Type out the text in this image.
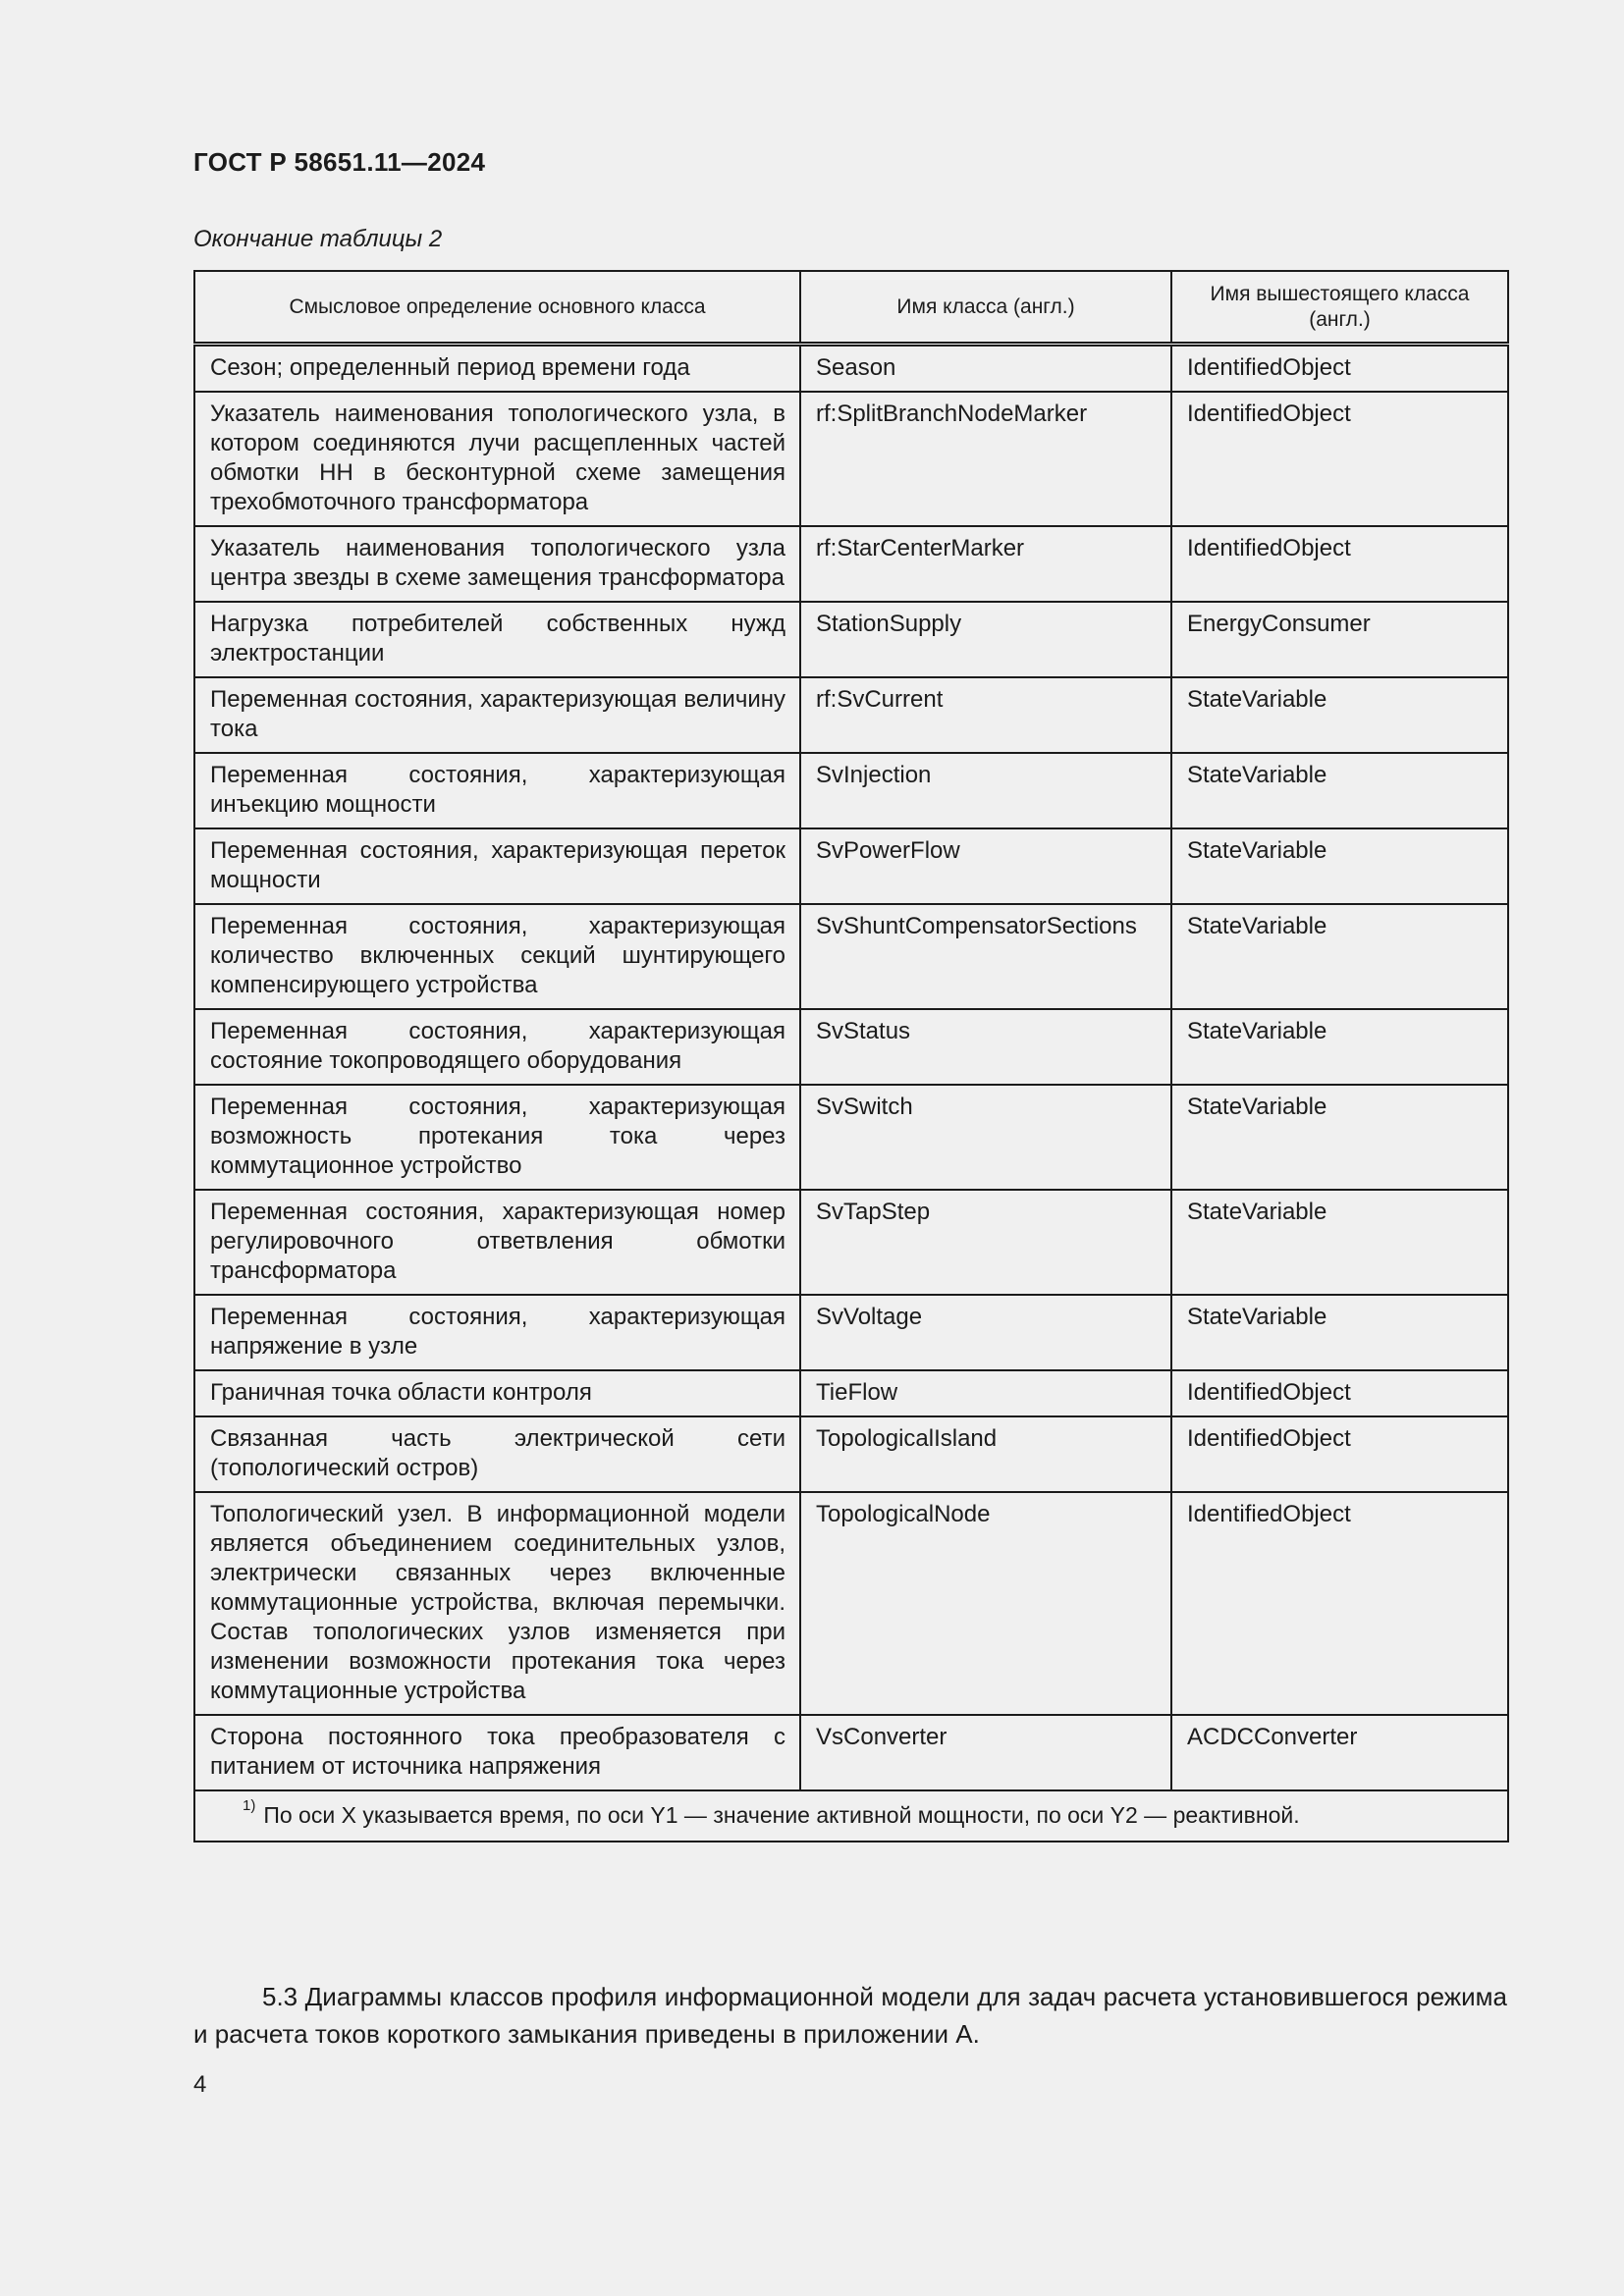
ГОСТ Р 58651.11—2024
Окончание таблицы 2
Смысловое определение основного класса	Имя класса (англ.)	Имя вышестоящего класса (англ.)
Сезон; определенный период времени года	Season	IdentifiedObject
Указатель наименования топологического узла, в котором соединяются лучи расщепленных частей обмотки НН в бесконтурной схеме замещения трехобмоточного трансформатора	rf:SplitBranchNodeMarker	IdentifiedObject
Указатель наименования топологического узла центра звезды в схеме замещения трансформатора	rf:StarCenterMarker	IdentifiedObject
Нагрузка потребителей собственных нужд электростанции	StationSupply	EnergyConsumer
Переменная состояния, характеризующая величину тока	rf:SvCurrent	StateVariable
Переменная состояния, характеризующая инъекцию мощности	SvInjection	StateVariable
Переменная состояния, характеризующая переток мощности	SvPowerFlow	StateVariable
Переменная состояния, характеризующая количество включенных секций шунтирующего компенсирующего устройства	SvShuntCompensatorSections	StateVariable
Переменная состояния, характеризующая состояние токопроводящего оборудования	SvStatus	StateVariable
Переменная состояния, характеризующая возможность протекания тока через коммутационное устройство	SvSwitch	StateVariable
Переменная состояния, характеризующая номер регулировочного ответвления обмотки трансформатора	SvTapStep	StateVariable
Переменная состояния, характеризующая напряжение в узле	SvVoltage	StateVariable
Граничная точка области контроля	TieFlow	IdentifiedObject
Связанная часть электрической сети (топологический остров)	TopologicalIsland	IdentifiedObject
Топологический узел. В информационной модели является объединением соединительных узлов, электрически связанных через включенные коммутационные устройства, включая перемычки. Состав топологических узлов изменяется при изменении возможности протекания тока через коммутационные устройства	TopologicalNode	IdentifiedObject
Сторона постоянного тока преобразователя с питанием от источника напряжения	VsConverter	ACDCConverter
$^{1)}$ По оси X указывается время, по оси Y1 — значение активной мощности, по оси Y2 — реактивной.		
5.3 Диаграммы классов профиля информационной модели для задач расчета установившегося режима и расчета токов короткого замыкания приведены в приложении А.
4
